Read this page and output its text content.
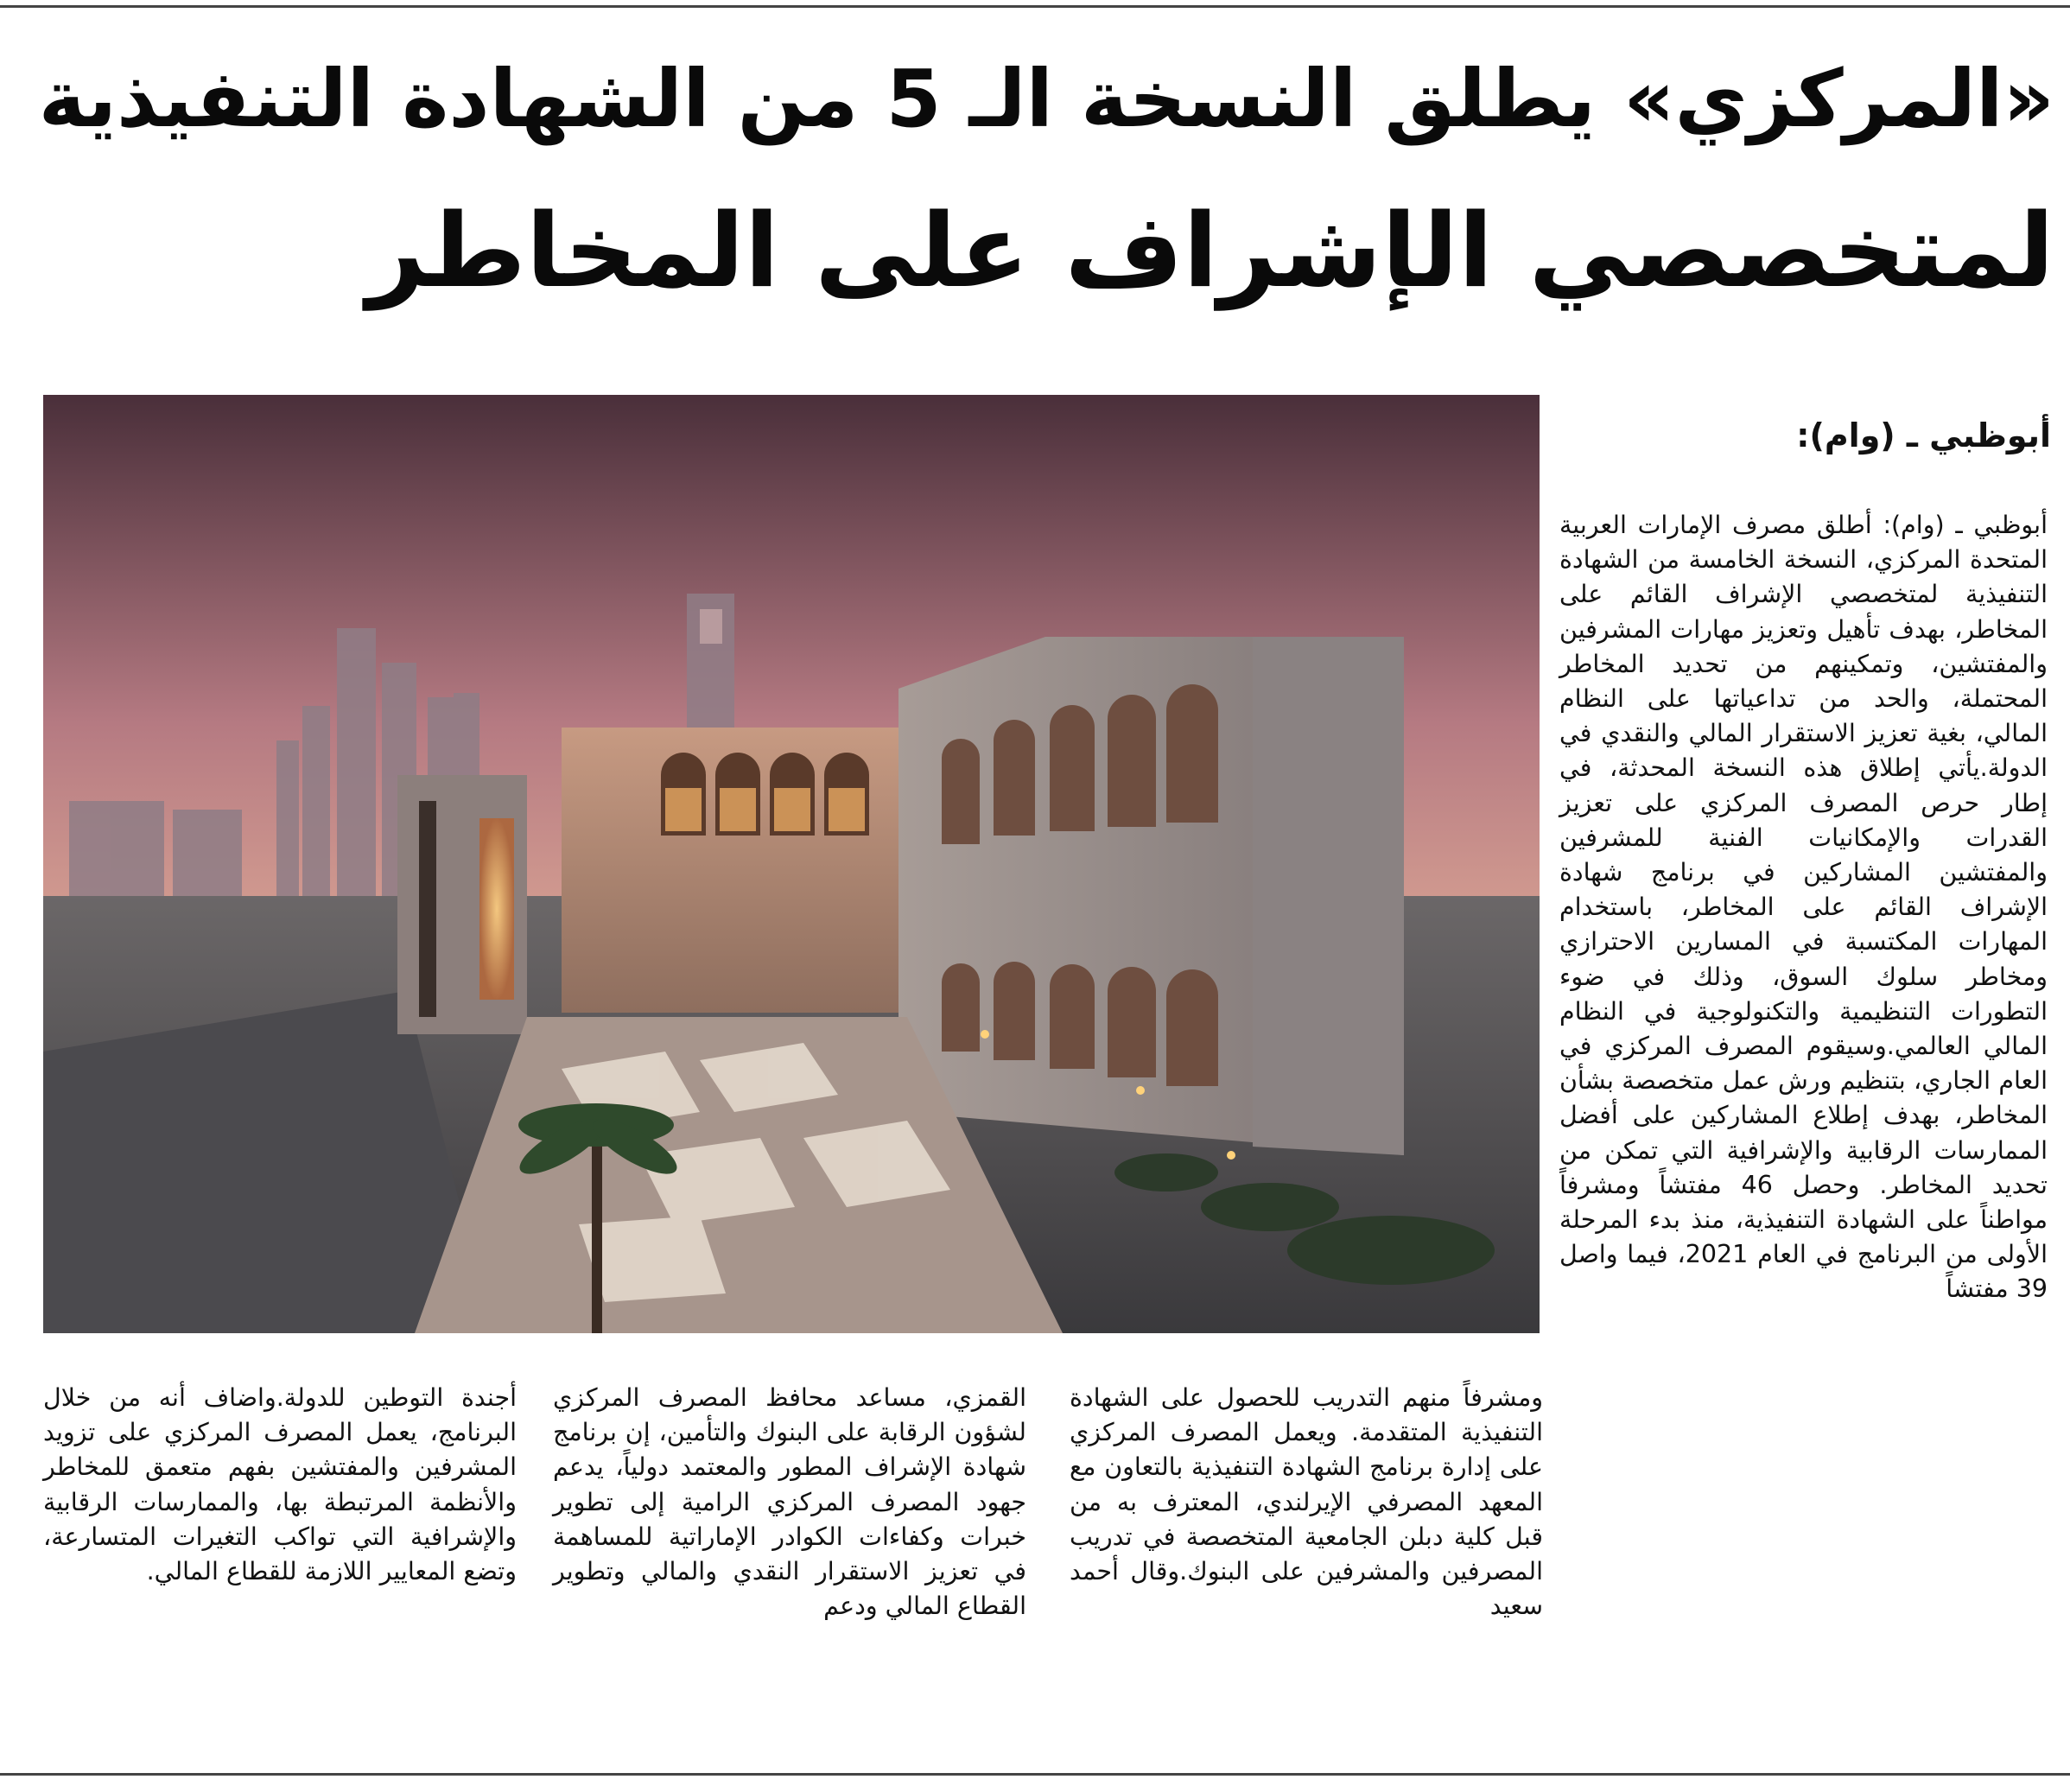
«المركزي» يطلق النسخة الـ 5 من الشهادة التنفيذية
لمتخصصي الإشراف على المخاطر
أبوظبي ـ (وام):
أبوظبي ـ (وام): أطلق مصرف الإمارات العربية المتحدة المركزي، النسخة الخامسة من الشهادة التنفيذية لمتخصصي الإشراف القائم على المخاطر، بهدف تأهيل وتعزيز مهارات المشرفين والمفتشين، وتمكينهم من تحديد المخاطر المحتملة، والحد من تداعياتها على النظام المالي، بغية تعزيز الاستقرار المالي والنقدي في الدولة.يأتي إطلاق هذه النسخة المحدثة، في إطار حرص المصرف المركزي على تعزيز القدرات والإمكانيات الفنية للمشرفين والمفتشين المشاركين في برنامج شهادة الإشراف القائم على المخاطر، باستخدام المهارات المكتسبة في المسارين الاحترازي ومخاطر سلوك السوق، وذلك في ضوء التطورات التنظيمية والتكنولوجية في النظام المالي العالمي.وسيقوم المصرف المركزي في العام الجاري، بتنظيم ورش عمل متخصصة بشأن المخاطر، بهدف إطلاع المشاركين على أفضل الممارسات الرقابية والإشرافية التي تمكن من تحديد المخاطر. وحصل 46 مفتشاً ومشرفاً مواطناً على الشهادة التنفيذية، منذ بدء المرحلة الأولى من البرنامج في العام 2021، فيما واصل 39 مفتشاً
ومشرفاً منهم التدريب للحصول على الشهادة التنفيذية المتقدمة. ويعمل المصرف المركزي على إدارة برنامج الشهادة التنفيذية بالتعاون مع المعهد المصرفي الإيرلندي، المعترف به من قبل كلية دبلن الجامعية المتخصصة في تدريب المصرفين والمشرفين على البنوك.وقال أحمد سعيد
القمزي، مساعد محافظ المصرف المركزي لشؤون الرقابة على البنوك والتأمين، إن برنامج شهادة الإشراف المطور والمعتمد دولياً، يدعم جهود المصرف المركزي الرامية إلى تطوير خبرات وكفاءات الكوادر الإماراتية للمساهمة في تعزيز الاستقرار النقدي والمالي وتطوير القطاع المالي ودعم
أجندة التوطين للدولة.واضاف أنه من خلال البرنامج، يعمل المصرف المركزي على تزويد المشرفين والمفتشين بفهم متعمق للمخاطر والأنظمة المرتبطة بها، والممارسات الرقابية والإشرافية التي تواكب التغيرات المتسارعة، وتضع المعايير اللازمة للقطاع المالي.
